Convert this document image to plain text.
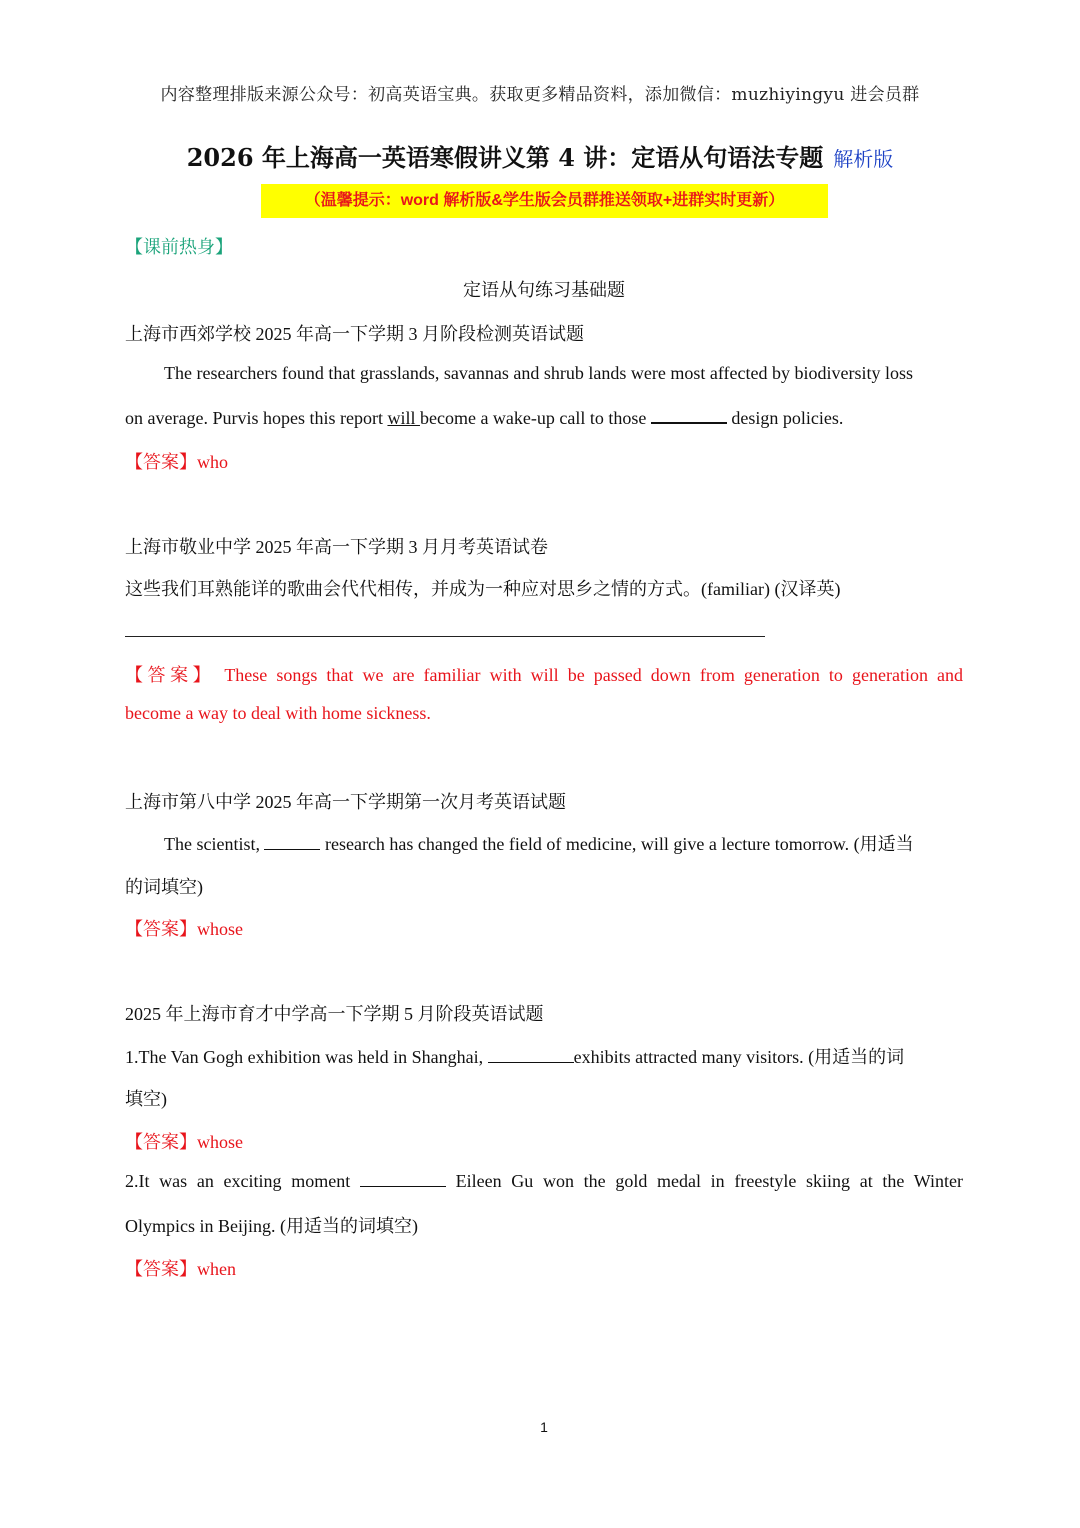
内容整理排版来源公众号：初高英语宝典。获取更多精品资料，添加微信：muzhiyingyu 进会员群
2026 年上海高一英语寒假讲义第 4 讲：定语从句语法专题 解析版
（温馨提示：word 解析版&学生版会员群推送领取+进群实时更新）
【课前热身】
定语从句练习基础题
上海市西郊学校 2025 年高一下学期 3 月阶段检测英语试题
The researchers found that grasslands, savannas and shrub lands were most affected by biodiversity loss
on average. Purvis hopes this report will become a wake-up call to those	design policies.
【答案】who
上海市敬业中学 2025 年高一下学期 3 月月考英语试卷
这些我们耳熟能详的歌曲会代代相传，并成为一种应对思乡之情的方式。(familiar) (汉译英)
【答案】 These songs that we are familiar with will be passed down from generation to generation and
become a way to deal with home sickness.
上海市第八中学 2025 年高一下学期第一次月考英语试题
The scientist,	research has changed the field of medicine, will give a lecture tomorrow. (用适当
的词填空)
【答案】whose
2025 年上海市育才中学高一下学期 5 月阶段英语试题
1.The Van Gogh exhibition was held in Shanghai,	exhibits attracted many visitors. (用适当的词
填空)
【答案】whose
2.It was an exciting moment	Eileen Gu won the gold medal in freestyle skiing at the Winter
Olympics in Beijing. (用适当的词填空)
【答案】when
1
